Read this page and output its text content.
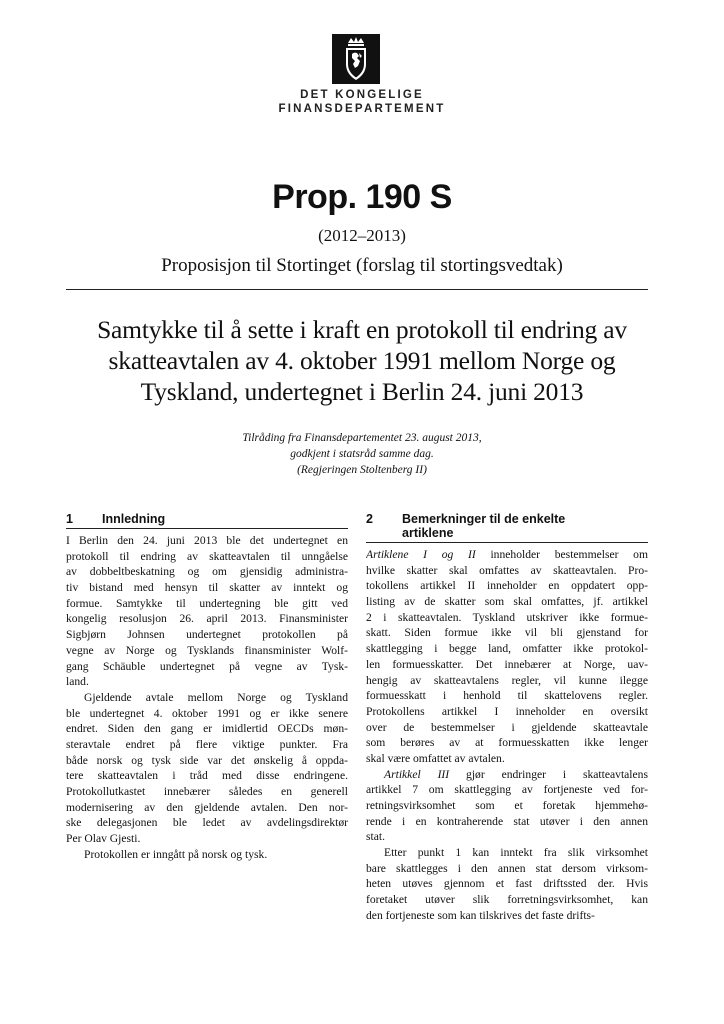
DET KONGELIGE
FINANSDEPARTEMENT
Prop. 190 S
(2012–2013)
Proposisjon til Stortinget (forslag til stortingsvedtak)
Samtykke til å sette i kraft en protokoll til endring av
skatteavtalen av 4. oktober 1991 mellom Norge og
Tyskland, undertegnet i Berlin 24. juni 2013
Tilråding fra Finansdepartementet 23. august 2013,
godkjent i statsråd samme dag.
(Regjeringen Stoltenberg II)
1	Innledning
I Berlin den 24. juni 2013 ble det undertegnet en
protokoll til endring av skatteavtalen til unngåelse
av dobbeltbeskatning og om gjensidig administra-
tiv bistand med hensyn til skatter av inntekt og
formue. Samtykke til undertegning ble gitt ved
kongelig resolusjon 26. april 2013. Finansminister
Sigbjørn Johnsen undertegnet protokollen på
vegne av Norge og Tysklands finansminister Wolf-
gang Schäuble undertegnet på vegne av Tysk-
land.
Gjeldende avtale mellom Norge og Tyskland
ble undertegnet 4. oktober 1991 og er ikke senere
endret. Siden den gang er imidlertid OECDs møn-
steravtale endret på flere viktige punkter. Fra
både norsk og tysk side var det ønskelig å oppda-
tere skatteavtalen i tråd med disse endringene.
Protokollutkastet innebærer således en generell
modernisering av den gjeldende avtalen. Den nor-
ske delegasjonen ble ledet av avdelingsdirektør
Per Olav Gjesti.
Protokollen er inngått på norsk og tysk.
2	Bemerkninger til de enkelte
artiklene
Artiklene I og II inneholder bestemmelser om
hvilke skatter skal omfattes av skatteavtalen. Pro-
tokollens artikkel II inneholder en oppdatert opp-
listing av de skatter som skal omfattes, jf. artikkel
2 i skatteavtalen. Tyskland utskriver ikke formue-
skatt. Siden formue ikke vil bli gjenstand for
skattlegging i begge land, omfatter ikke protokol-
len formuesskatter. Det innebærer at Norge, uav-
hengig av skatteavtalens regler, vil kunne ilegge
formuesskatt i henhold til skattelovens regler.
Protokollens artikkel I inneholder en oversikt
over de bestemmelser i gjeldende skatteavtale
som berøres av at formuesskatten ikke lenger
skal være omfattet av avtalen.
Artikkel III gjør endringer i skatteavtalens
artikkel 7 om skattlegging av fortjeneste ved for-
retningsvirksomhet som et foretak hjemmehø-
rende i en kontraherende stat utøver i den annen
stat.
Etter punkt 1 kan inntekt fra slik virksomhet
bare skattlegges i den annen stat dersom virksom-
heten utøves gjennom et fast driftssted der. Hvis
foretaket utøver slik forretningsvirksomhet, kan
den fortjeneste som kan tilskrives det faste drifts-
